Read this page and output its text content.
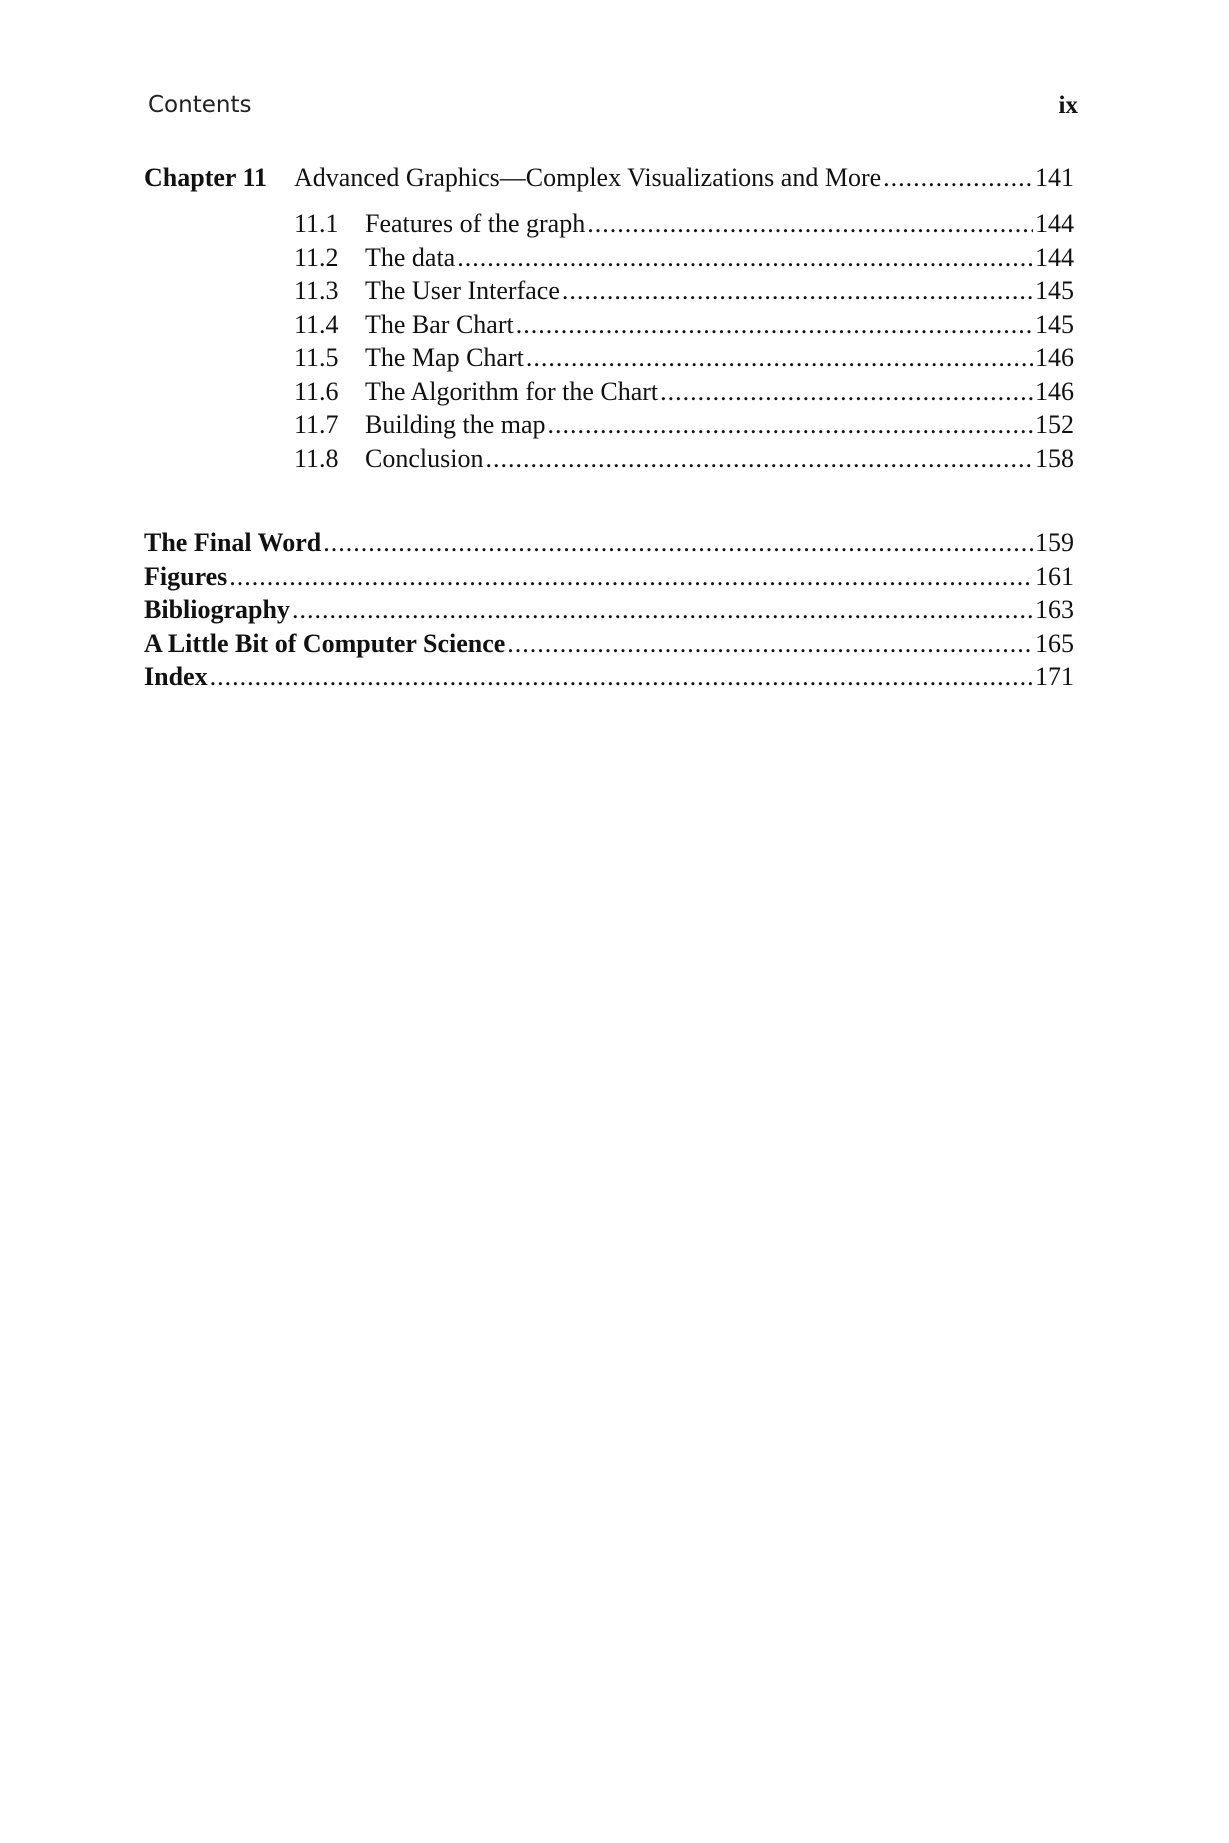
Contents	ix
Chapter 11	Advanced Graphics—Complex Visualizations and More .....	141
11.1	Features of the graph .....	144
11.2	The data .....	144
11.3	The User Interface .....	145
11.4	The Bar Chart .....	145
11.5	The Map Chart .....	146
11.6	The Algorithm for the Chart .....	146
11.7	Building the map .....	152
11.8	Conclusion .....	158
The Final Word .....	159
Figures .....	161
Bibliography .....	163
A Little Bit of Computer Science .....	165
Index .....	171
